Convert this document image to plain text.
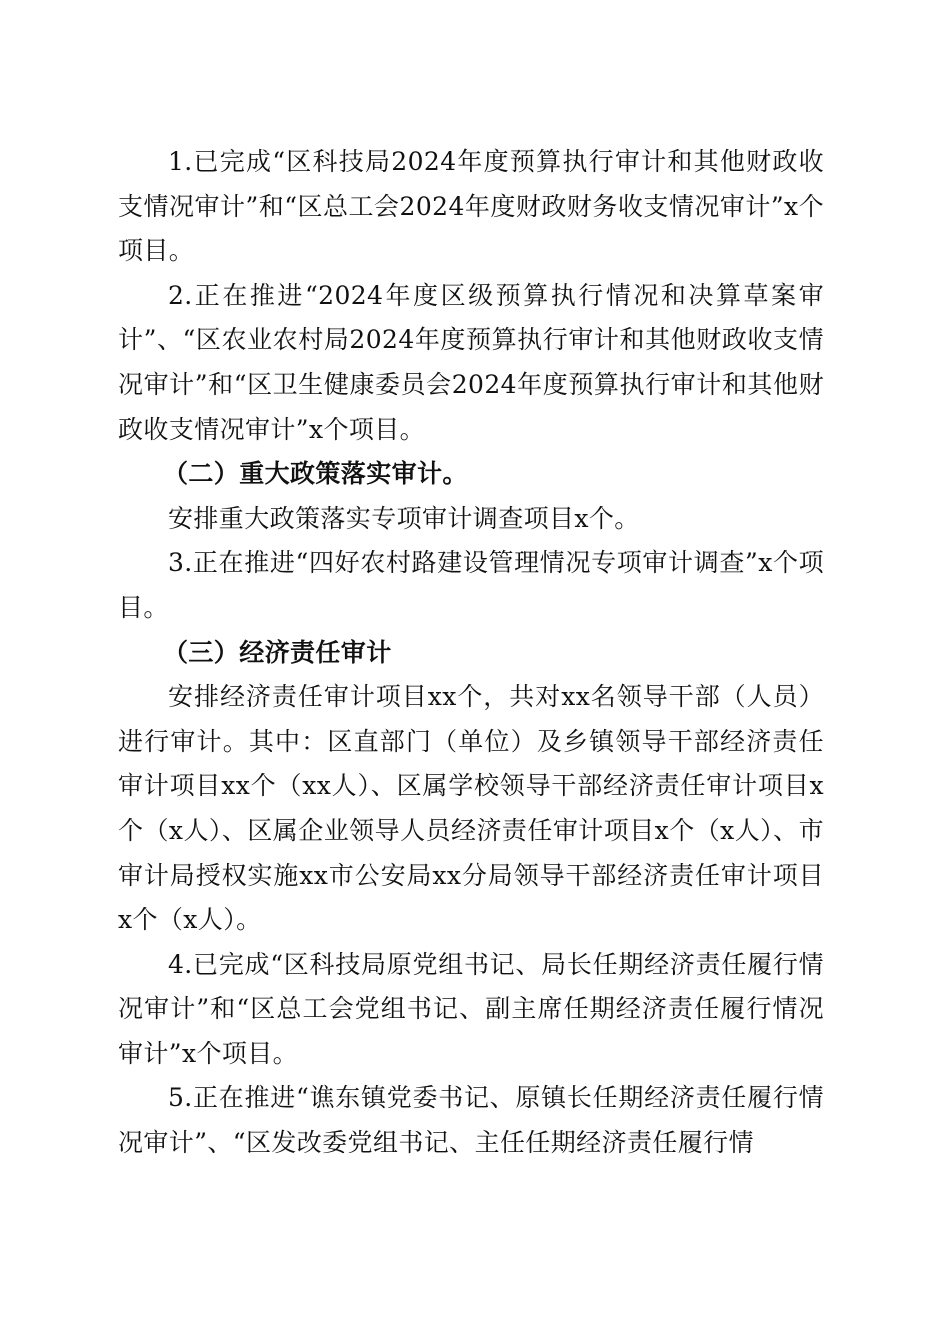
1.已完成“区科技局2024年度预算执行审计和其他财政收支情况审计”和“区总工会2024年度财政财务收支情况审计”x个项目。

2.正在推进“2024年度区级预算执行情况和决算草案审计”、“区农业农村局2024年度预算执行审计和其他财政收支情况审计”和“区卫生健康委员会2024年度预算执行审计和其他财政收支情况审计”x个项目。

（二）重大政策落实审计。

安排重大政策落实专项审计调查项目x个。

3.正在推进“四好农村路建设管理情况专项审计调查”x个项目。

（三）经济责任审计

安排经济责任审计项目xx个，共对xx名领导干部（人员）进行审计。其中：区直部门（单位）及乡镇领导干部经济责任审计项目xx个（xx人）、区属学校领导干部经济责任审计项目x个（x人）、区属企业领导人员经济责任审计项目x个（x人）、市审计局授权实施xx市公安局xx分局领导干部经济责任审计项目x个（x人）。

4.已完成“区科技局原党组书记、局长任期经济责任履行情况审计”和“区总工会党组书记、副主席任期经济责任履行情况审计”x个项目。

5.正在推进“谯东镇党委书记、原镇长任期经济责任履行情况审计”、“区发改委党组书记、主任任期经济责任履行情
